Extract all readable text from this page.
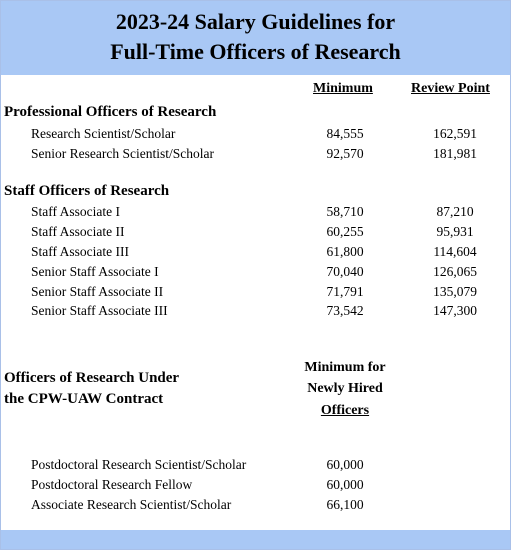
2023-24 Salary Guidelines for
Full-Time Officers of Research
Minimum	Review Point
Professional Officers of Research
Research Scientist/Scholar	84,555	162,591
Senior Research Scientist/Scholar	92,570	181,981
Staff Officers of Research
Staff Associate I	58,710	87,210
Staff Associate II	60,255	95,931
Staff Associate III	61,800	114,604
Senior Staff Associate I	70,040	126,065
Senior Staff Associate II	71,791	135,079
Senior Staff Associate III	73,542	147,300
Officers of Research Under
the CPW-UAW Contract
Minimum for
Newly Hired
Officers
Postdoctoral Research Scientist/Scholar	60,000
Postdoctoral Research Fellow	60,000
Associate Research Scientist/Scholar	66,100
